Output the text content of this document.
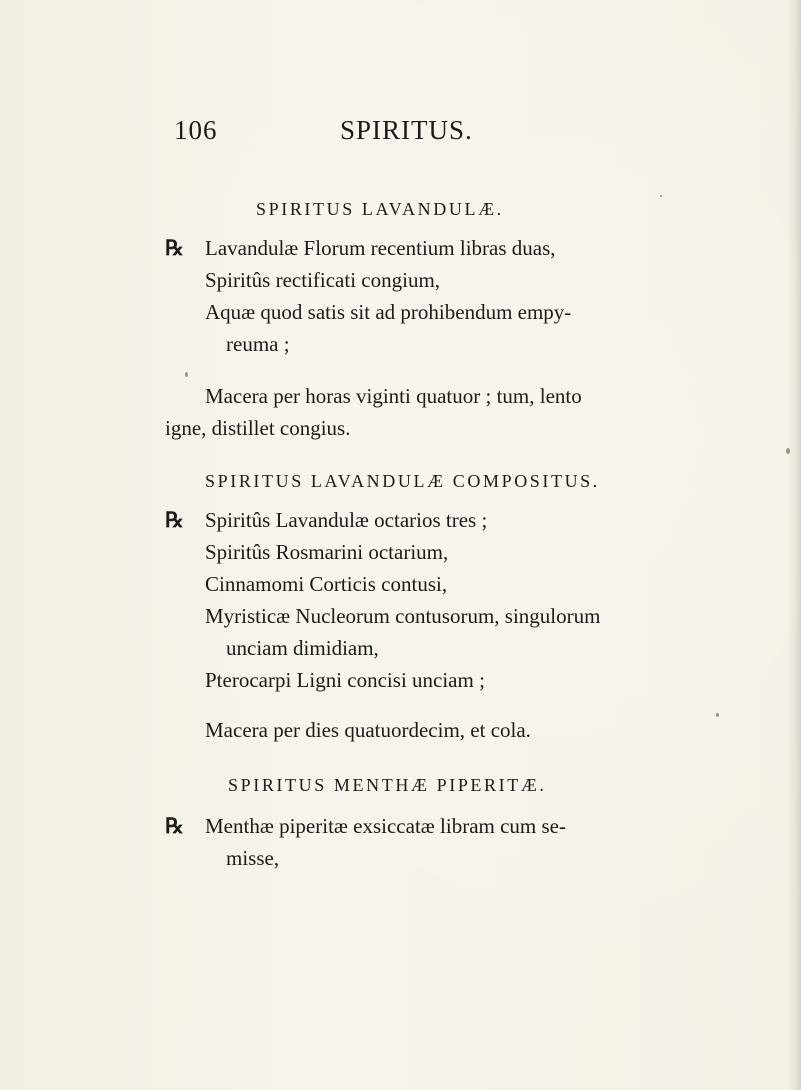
106	SPIRITUS.
SPIRITUS LAVANDULÆ.
℞ Lavandulæ Florum recentium libras duas,
Spiritûs rectificati congium,
Aquæ quod satis sit ad prohibendum empy-
reuma ;
Macera per horas viginti quatuor ; tum, lento
igne, distillet congius.
SPIRITUS LAVANDULÆ COMPOSITUS.
℞ Spiritûs Lavandulæ octarios tres ;
Spiritûs Rosmarini octarium,
Cinnamomi Corticis contusi,
Myristicæ Nucleorum contusorum, singulorum
unciam dimidiam,
Pterocarpi Ligni concisi unciam ;
Macera per dies quatuordecim, et cola.
SPIRITUS MENTHÆ PIPERITÆ.
℞ Menthæ piperitæ exsiccatæ libram cum se-
misse,
